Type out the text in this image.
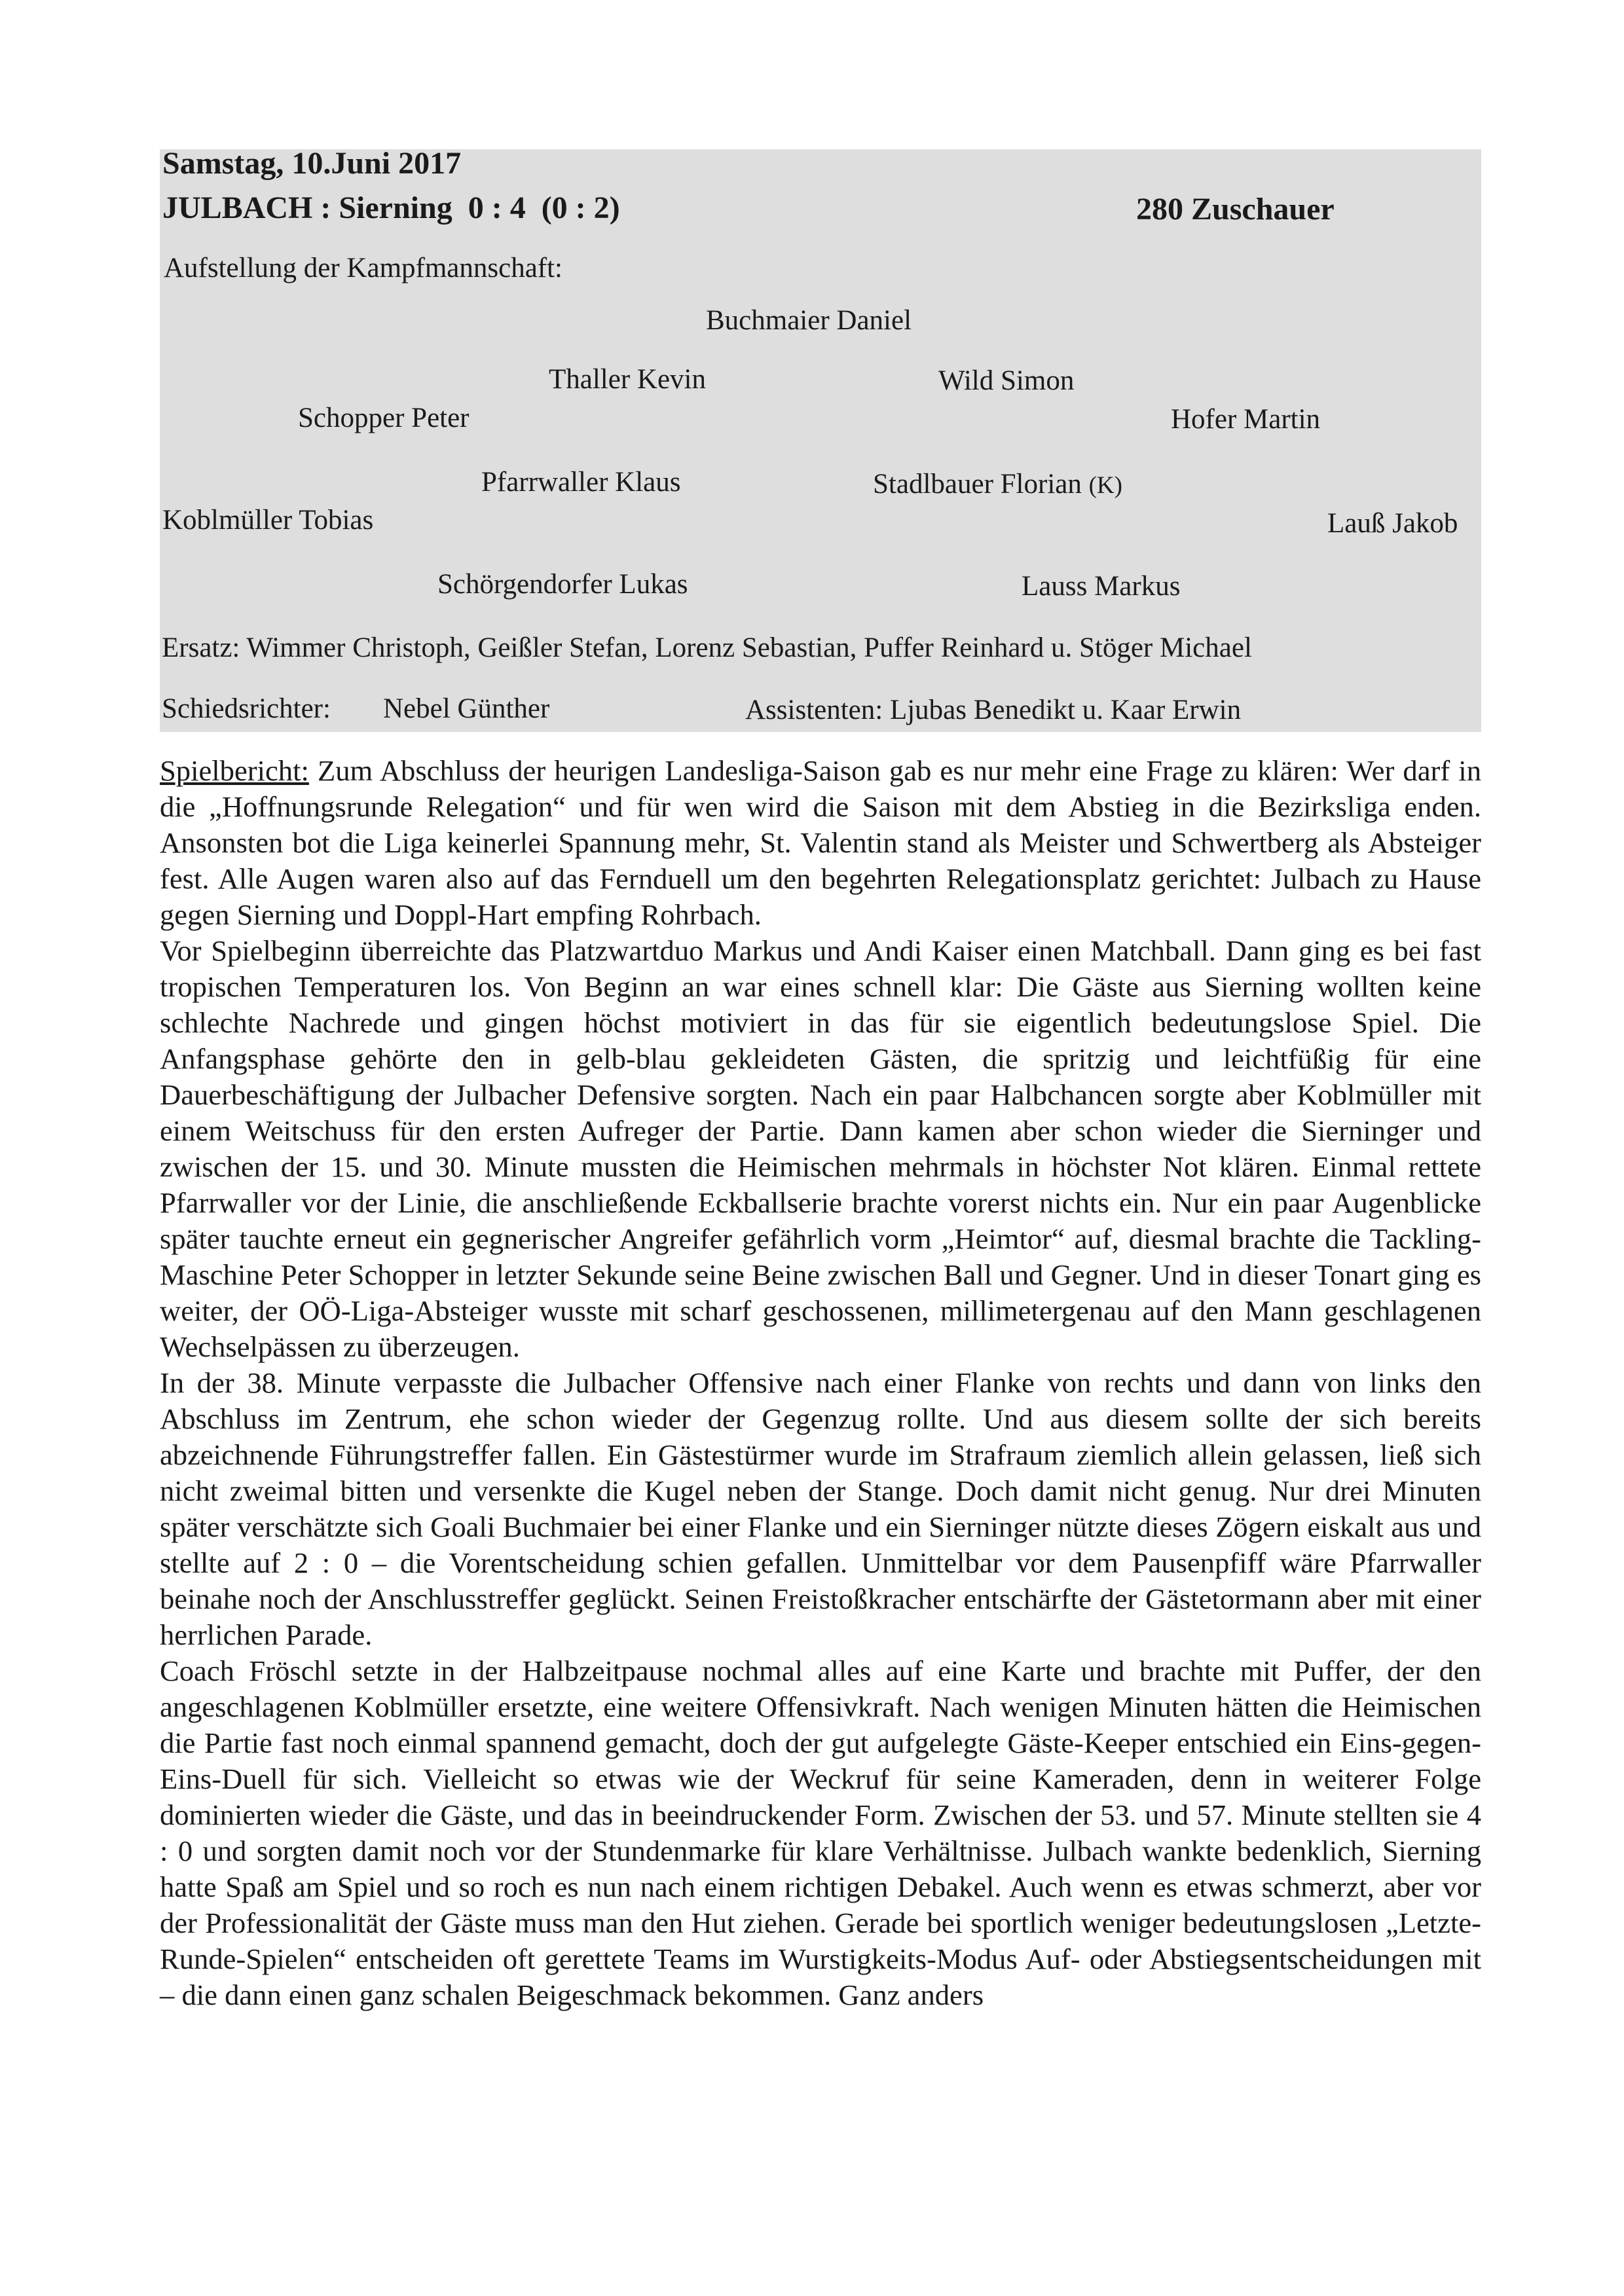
Samstag, 10.Juni 2017
JULBACH : Sierning  0 : 4  (0 : 2)	280 Zuschauer
Aufstellung der Kampfmannschaft:
Buchmaier Daniel
Thaller Kevin	Wild Simon
Schopper Peter	Hofer Martin
Pfarrwaller Klaus	Stadlbauer Florian (K)
Koblmüller Tobias	Lauß Jakob
Schörgendorfer Lukas	Lauss Markus
Ersatz: Wimmer Christoph, Geißler Stefan, Lorenz Sebastian, Puffer Reinhard u. Stöger Michael
Schiedsrichter: Nebel Günther	Assistenten: Ljubas Benedikt u. Kaar Erwin

Spielbericht: Zum Abschluss der heurigen Landesliga-Saison gab es nur mehr eine Frage zu klären: Wer darf in die „Hoffnungsrunde Relegation“ und für wen wird die Saison mit dem Abstieg in die Bezirksliga enden. Ansonsten bot die Liga keinerlei Spannung mehr, St. Valentin stand als Meister und Schwertberg als Absteiger fest. Alle Augen waren also auf das Fernduell um den begehrten Relegationsplatz gerichtet: Julbach zu Hause gegen Sierning und Doppl-Hart empfing Rohrbach.

Vor Spielbeginn überreichte das Platzwartduo Markus und Andi Kaiser einen Matchball. Dann ging es bei fast tropischen Temperaturen los. Von Beginn an war eines schnell klar: Die Gäste aus Sierning wollten keine schlechte Nachrede und gingen höchst motiviert in das für sie eigentlich bedeutungslose Spiel. Die Anfangsphase gehörte den in gelb-blau gekleideten Gästen, die spritzig und leichtfüßig für eine Dauerbeschäftigung der Julbacher Defensive sorgten. Nach ein paar Halbchancen sorgte aber Koblmüller mit einem Weitschuss für den ersten Aufreger der Partie. Dann kamen aber schon wieder die Sierninger und zwischen der 15. und 30. Minute mussten die Heimischen mehrmals in höchster Not klären. Einmal rettete Pfarrwaller vor der Linie, die anschließende Eckballserie brachte vorerst nichts ein. Nur ein paar Augenblicke später tauchte erneut ein gegnerischer Angreifer gefährlich vorm „Heimtor“ auf, diesmal brachte die Tackling-Maschine Peter Schopper in letzter Sekunde seine Beine zwischen Ball und Gegner. Und in dieser Tonart ging es weiter, der OÖ-Liga-Absteiger wusste mit scharf geschossenen, millimetergenau auf den Mann geschlagenen Wechselpässen zu überzeugen.

In der 38. Minute verpasste die Julbacher Offensive nach einer Flanke von rechts und dann von links den Abschluss im Zentrum, ehe schon wieder der Gegenzug rollte. Und aus diesem sollte der sich bereits abzeichnende Führungstreffer fallen. Ein Gästestürmer wurde im Strafraum ziemlich allein gelassen, ließ sich nicht zweimal bitten und versenkte die Kugel neben der Stange. Doch damit nicht genug. Nur drei Minuten später verschätzte sich Goali Buchmaier bei einer Flanke und ein Sierninger nützte dieses Zögern eiskalt aus und stellte auf 2 : 0 – die Vorentscheidung schien gefallen. Unmittelbar vor dem Pausenpfiff wäre Pfarrwaller beinahe noch der Anschlusstreffer geglückt. Seinen Freistoßkracher entschärfte der Gästetormann aber mit einer herrlichen Parade.

Coach Fröschl setzte in der Halbzeitpause nochmal alles auf eine Karte und brachte mit Puffer, der den angeschlagenen Koblmüller ersetzte, eine weitere Offensivkraft. Nach wenigen Minuten hätten die Heimischen die Partie fast noch einmal spannend gemacht, doch der gut aufgelegte Gäste-Keeper entschied ein Eins-gegen-Eins-Duell für sich. Vielleicht so etwas wie der Weckruf für seine Kameraden, denn in weiterer Folge dominierten wieder die Gäste, und das in beeindruckender Form. Zwischen der 53. und 57. Minute stellten sie 4 : 0 und sorgten damit noch vor der Stundenmarke für klare Verhältnisse. Julbach wankte bedenklich, Sierning hatte Spaß am Spiel und so roch es nun nach einem richtigen Debakel. Auch wenn es etwas schmerzt, aber vor der Professionalität der Gäste muss man den Hut ziehen. Gerade bei sportlich weniger bedeutungslosen „Letzte-Runde-Spielen“ entscheiden oft gerettete Teams im Wurstigkeits-Modus Auf- oder Abstiegsentscheidungen mit – die dann einen ganz schalen Beigeschmack bekommen. Ganz anders
